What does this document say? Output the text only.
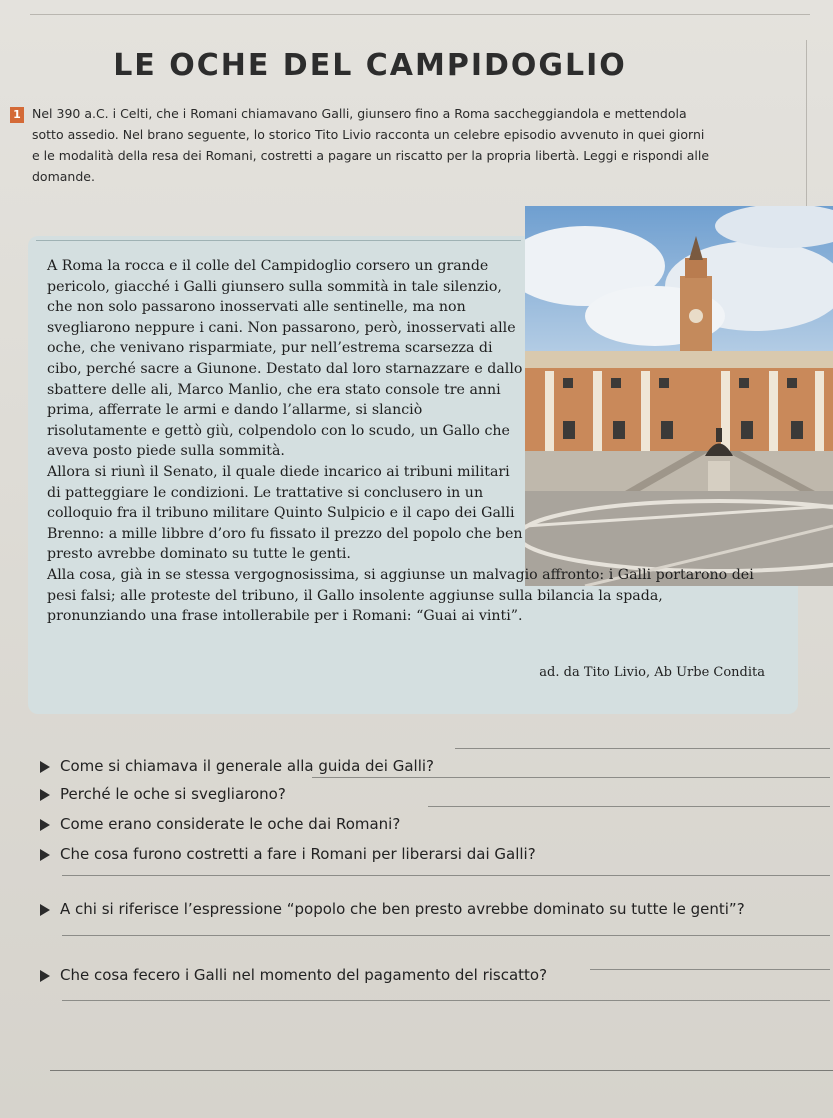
LE OCHE DEL CAMPIDOGLIO
1 Nel 390 a.C. i Celti, che i Romani chiamavano Galli, giunsero fino a Roma saccheggiandola e mettendola sotto assedio. Nel brano seguente, lo storico Tito Livio racconta un celebre episodio avvenuto in quei giorni e le modalità della resa dei Romani, costretti a pagare un riscatto per la propria libertà. Leggi e rispondi alle domande.

A Roma la rocca e il colle del Campidoglio corsero un grande pericolo, giacché i Galli giunsero sulla sommità in tale silenzio, che non solo passarono inosservati alle sentinelle, ma non svegliarono neppure i cani. Non passarono, però, inosservati alle oche, che venivano risparmiate, pur nell’estrema scarsezza di cibo, perché sacre a Giunone. Destato dal loro starnazzare e dallo sbattere delle ali, Marco Manlio, che era stato console tre anni prima, afferrate le armi e dando l’allarme, si slanciò risolutamente e gettò giù, colpendolo con lo scudo, un Gallo che aveva posto piede sulla sommità.

Allora si riunì il Senato, il quale diede incarico ai tribuni militari di patteggiare le condizioni. Le trattative si conclusero in un colloquio fra il tribuno militare Quinto Sulpicio e il capo dei Galli Brenno: a mille libbre d’oro fu fissato il prezzo del popolo che ben presto avrebbe dominato su tutte le genti.

Alla cosa, già in se stessa vergognosissima, si aggiunse un malvagio affronto: i Galli portarono dei pesi falsi; alle proteste del tribuno, il Gallo insolente aggiunse sulla bilancia la spada, pronunziando una frase intollerabile per i Romani: “Guai ai vinti”.

ad. da Tito Livio, Ab Urbe Condita
Come si chiamava il generale alla guida dei Galli?
Perché le oche si svegliarono?
Come erano considerate le oche dai Romani?
Che cosa furono costretti a fare i Romani per liberarsi dai Galli?
A chi si riferisce l’espressione “popolo che ben presto avrebbe dominato su tutte le genti”?
Che cosa fecero i Galli nel momento del pagamento del riscatto?
